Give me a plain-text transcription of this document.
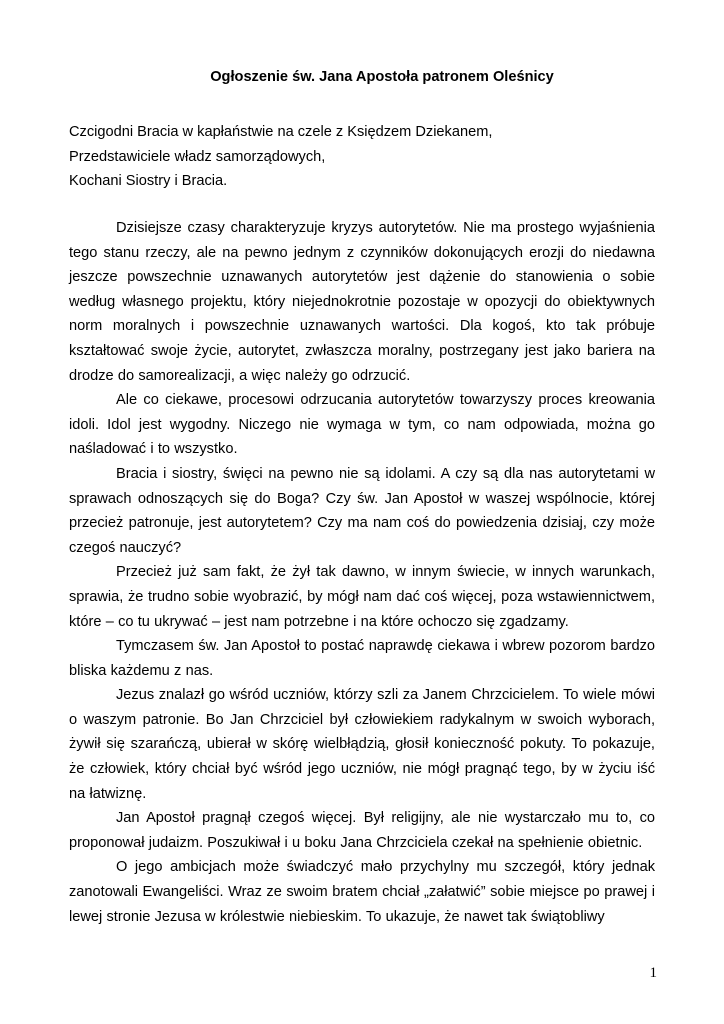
Ogłoszenie św. Jana Apostoła patronem Oleśnicy

Czcigodni Bracia w kapłaństwie na czele z Księdzem Dziekanem,

Przedstawiciele władz samorządowych,

Kochani Siostry i Bracia.

Dzisiejsze czasy charakteryzuje kryzys autorytetów. Nie ma prostego wyjaśnienia tego stanu rzeczy, ale na pewno jednym z czynników dokonujących erozji do niedawna jeszcze powszechnie uznawanych autorytetów jest dążenie do stanowienia o sobie według własnego projektu, który niejednokrotnie pozostaje w opozycji do obiektywnych norm moralnych i powszechnie uznawanych wartości. Dla kogoś, kto tak próbuje kształtować swoje życie, autorytet, zwłaszcza moralny, postrzegany jest jako bariera na drodze do samorealizacji, a więc należy go odrzucić.

Ale co ciekawe, procesowi odrzucania autorytetów towarzyszy proces kreowania idoli. Idol jest wygodny. Niczego nie wymaga w tym, co nam odpowiada, można go naśladować i to wszystko.

Bracia i siostry, święci na pewno nie są idolami. A czy są dla nas autorytetami w sprawach odnoszących się do Boga? Czy św. Jan Apostoł w waszej wspólnocie, której przecież patronuje, jest autorytetem? Czy ma nam coś do powiedzenia dzisiaj, czy może czegoś nauczyć?

Przecież już sam fakt, że żył tak dawno, w innym świecie, w innych warunkach, sprawia, że trudno sobie wyobrazić, by mógł nam dać coś więcej, poza wstawiennictwem, które – co tu ukrywać – jest nam potrzebne i na które ochoczo się zgadzamy.

Tymczasem św. Jan Apostoł to postać naprawdę ciekawa i wbrew pozorom bardzo bliska każdemu z nas.

Jezus znalazł go wśród uczniów, którzy szli za Janem Chrzcicielem. To wiele mówi o waszym patronie. Bo Jan Chrzciciel był człowiekiem radykalnym w swoich wyborach, żywił się szarańczą, ubierał w skórę wielbłądzią, głosił konieczność pokuty. To pokazuje, że człowiek, który chciał być wśród jego uczniów, nie mógł pragnąć tego, by w życiu iść na łatwiznę.

Jan Apostoł pragnął czegoś więcej. Był religijny, ale nie wystarczało mu to, co proponował judaizm. Poszukiwał i u boku Jana Chrzciciela czekał na spełnienie obietnic.

O jego ambicjach może świadczyć mało przychylny mu szczegół, który jednak zanotowali Ewangeliści. Wraz ze swoim bratem chciał „załatwić” sobie miejsce po prawej i lewej stronie Jezusa w królestwie niebieskim. To ukazuje, że nawet tak świątobliwy

1
